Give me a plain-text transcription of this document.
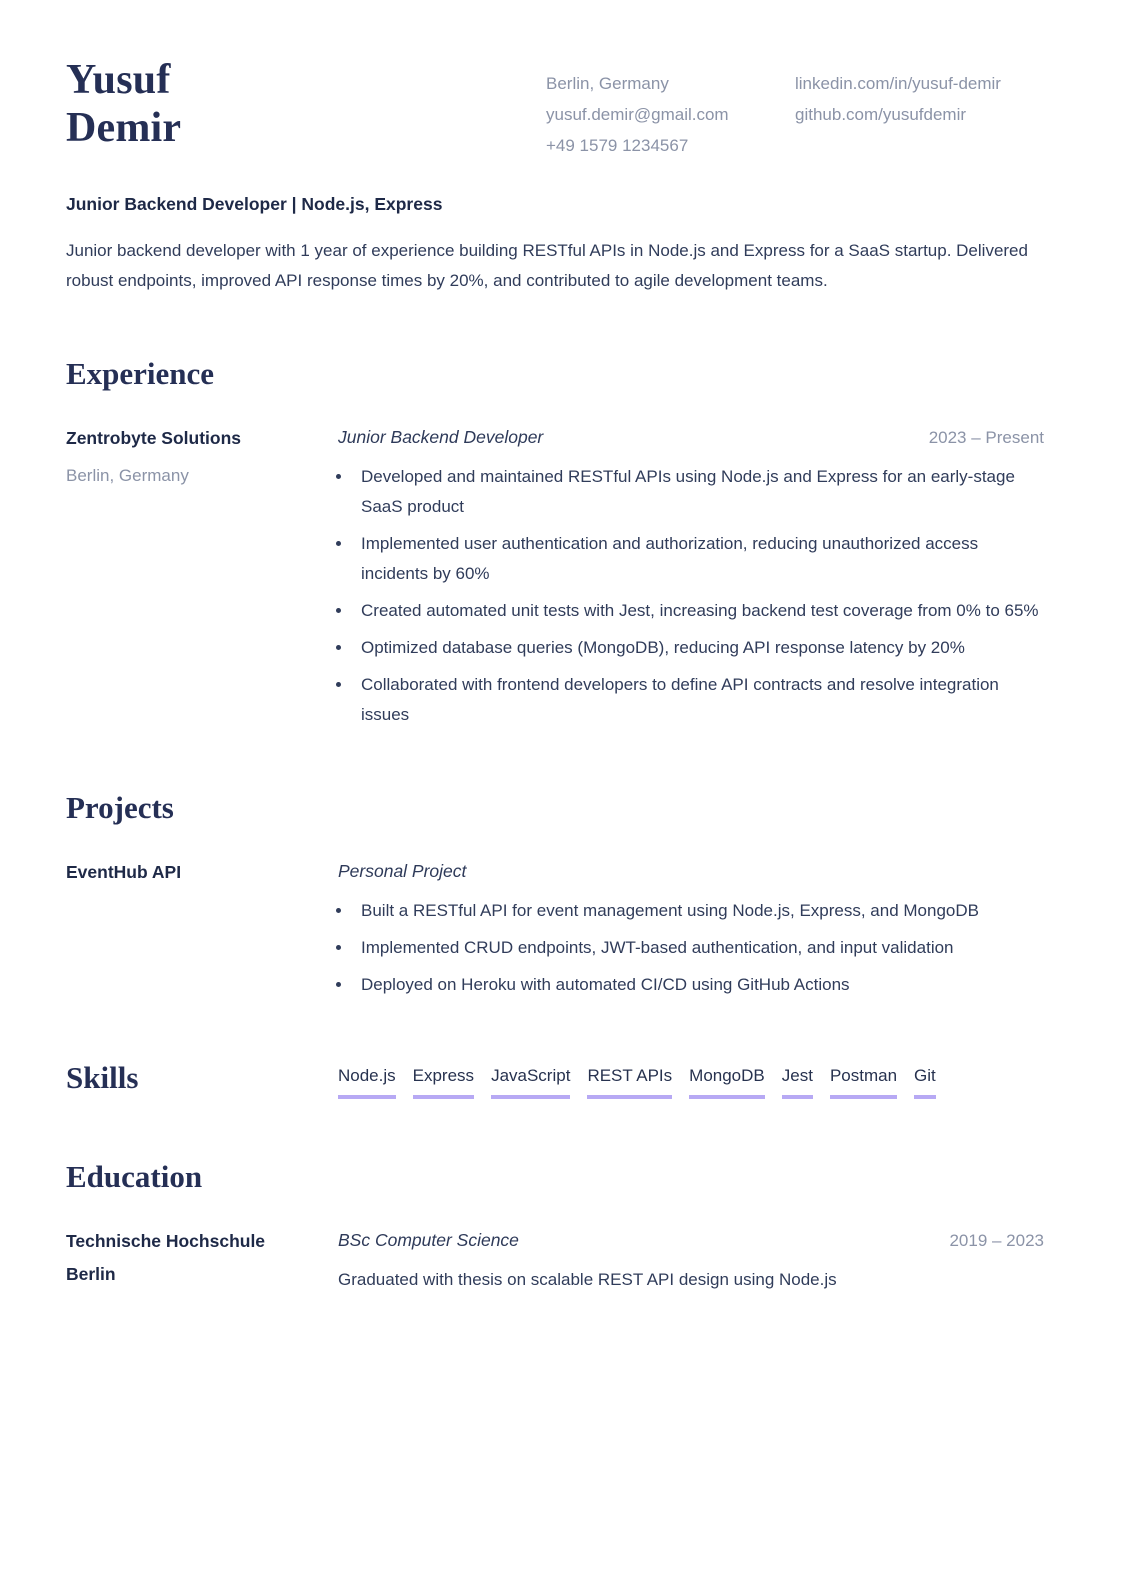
Yusuf
Demir
Berlin, Germany
yusuf.demir@gmail.com
+49 1579 1234567
linkedin.com/in/yusuf-demir
github.com/yusufdemir
Junior Backend Developer | Node.js, Express

Junior backend developer with 1 year of experience building RESTful APIs in Node.js and Express for a SaaS startup. Delivered robust endpoints, improved API response times by 20%, and contributed to agile development teams.

Experience
Zentrobyte Solutions
Berlin, Germany
Junior Backend Developer	2023 – Present
• Developed and maintained RESTful APIs using Node.js and Express for an early-stage SaaS product
• Implemented user authentication and authorization, reducing unauthorized access incidents by 60%
• Created automated unit tests with Jest, increasing backend test coverage from 0% to 65%
• Optimized database queries (MongoDB), reducing API response latency by 20%
• Collaborated with frontend developers to define API contracts and resolve integration issues
Projects
EventHub API	Personal Project
• Built a RESTful API for event management using Node.js, Express, and MongoDB
• Implemented CRUD endpoints, JWT-based authentication, and input validation
• Deployed on Heroku with automated CI/CD using GitHub Actions
Skills	Node.js Express JavaScript REST APIs MongoDB Jest Postman Git
Education
Technische Hochschule Berlin
BSc Computer Science	2019 – 2023
Graduated with thesis on scalable REST API design using Node.js
